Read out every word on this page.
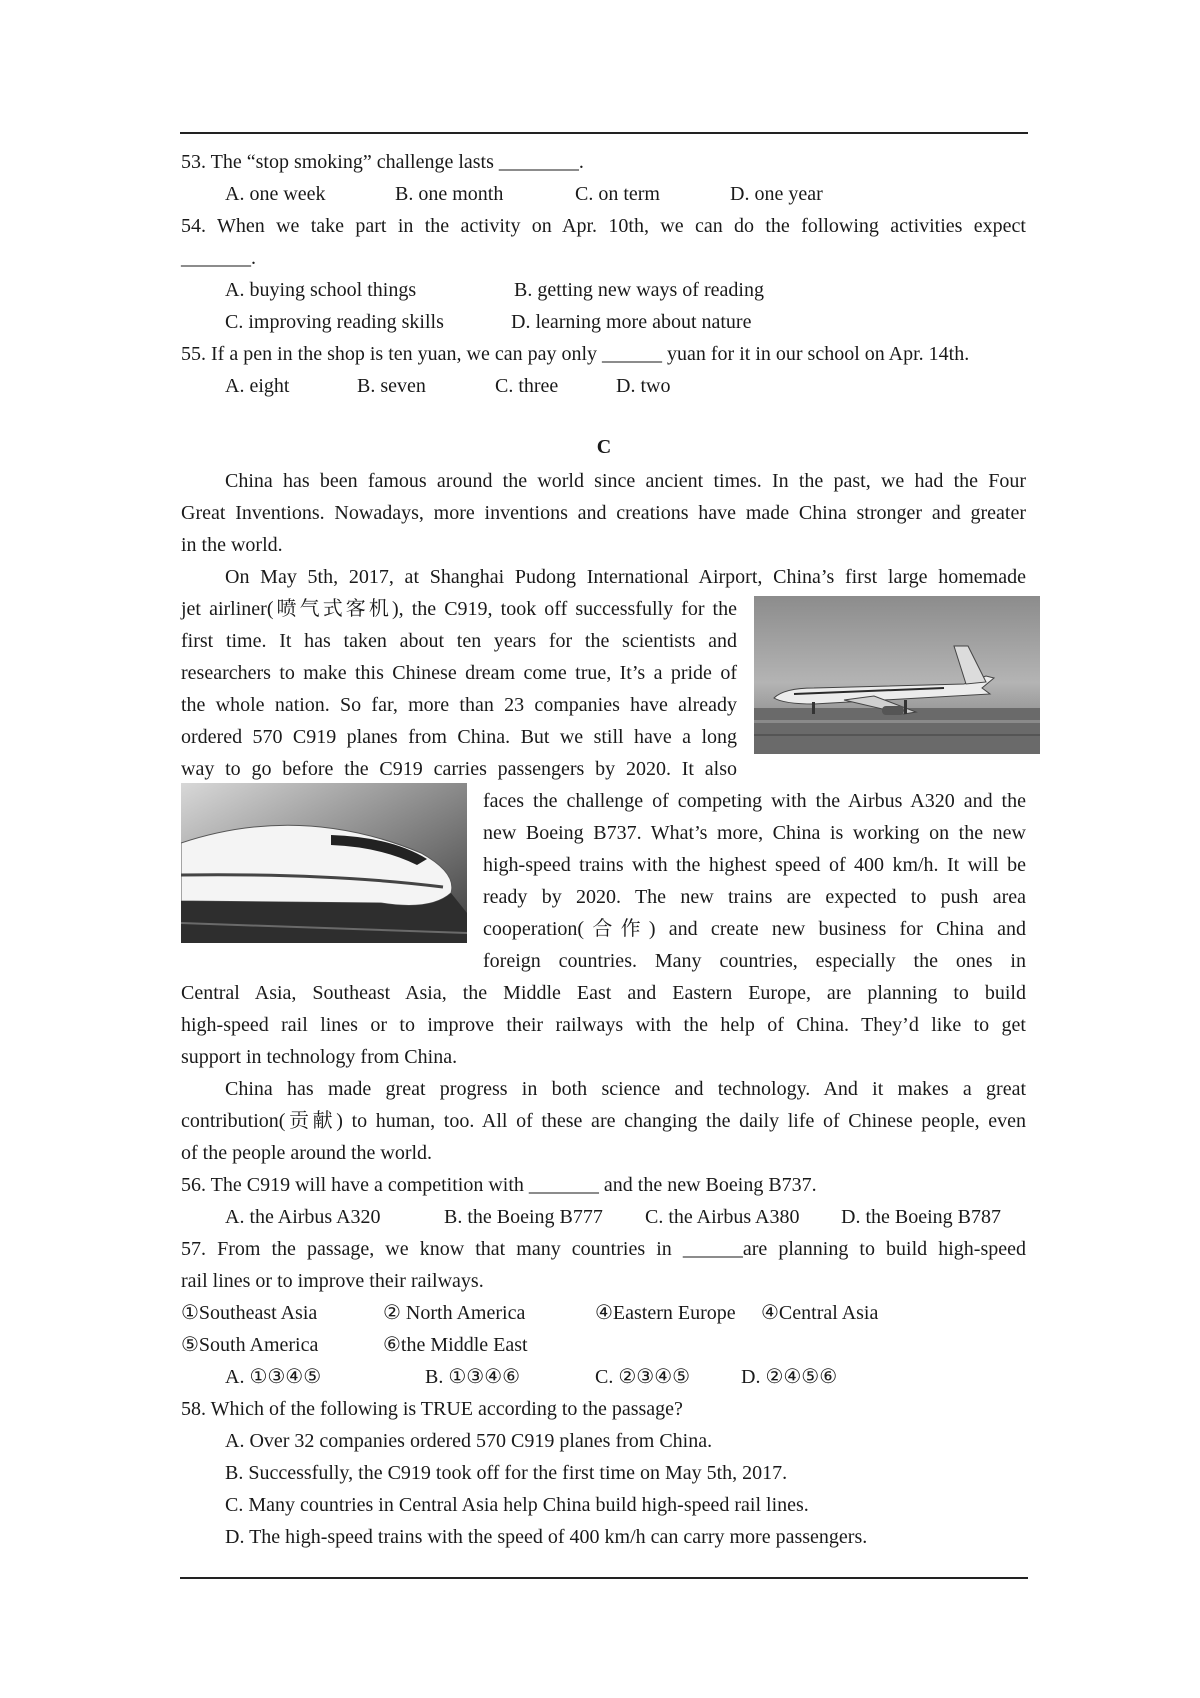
53. The “stop smoking” challenge lasts ________.
A. one week	B. one month	C. on term	D. one year
54. When we take part in the activity on Apr. 10th, we can do the following activities expect
_______.
A. buying school things	B. getting new ways of reading
C. improving reading skills	D. learning more about nature
55. If a pen in the shop is ten yuan, we can pay only ______ yuan for it in our school on Apr. 14th.
A. eight	B. seven	C. three	D. two
C
China has been famous around the world since ancient times. In the past, we had the Four
Great Inventions. Nowadays, more inventions and creations have made China stronger and greater
in the world.
On May 5th, 2017, at Shanghai Pudong International Airport, China’s first large homemade
jet airliner(喷气式客机), the C919, took off successfully for the
first time. It has taken about ten years for the scientists and
researchers to make this Chinese dream come true, It’s a pride of
the whole nation. So far, more than 23 companies have already
ordered 570 C919 planes from China. But we still have a long
way to go before the C919 carries passengers by 2020. It also
faces the challenge of competing with the Airbus A320 and the
new Boeing B737. What’s more, China is working on the new
high-speed trains with the highest speed of 400 km/h. It will be
ready by 2020. The new trains are expected to push area
cooperation(合作) and create new business for China and
foreign countries. Many countries, especially the ones in
Central Asia, Southeast Asia, the Middle East and Eastern Europe, are planning to build
high-speed rail lines or to improve their railways with the help of China. They’d like to get
support in technology from China.
China has made great progress in both science and technology. And it makes a great
contribution(贡献) to human, too. All of these are changing the daily life of Chinese people, even
of the people around the world.
56. The C919 will have a competition with _______ and the new Boeing B737.
A. the Airbus A320	B. the Boeing B777 C. the Airbus A380 D. the Boeing B787
57. From the passage, we know that many countries in ______are planning to build high-speed
rail lines or to improve their railways.
①Southeast Asia	② North America	④Eastern Europe ④Central Asia
⑤South America	⑥the Middle East
A. ①③④⑤	B. ①③④⑥	C. ②③④⑤	D. ②④⑤⑥
58. Which of the following is TRUE according to the passage?
A. Over 32 companies ordered 570 C919 planes from China.
B. Successfully, the C919 took off for the first time on May 5th, 2017.
C. Many countries in Central Asia help China build high-speed rail lines.
D. The high-speed trains with the speed of 400 km/h can carry more passengers.
